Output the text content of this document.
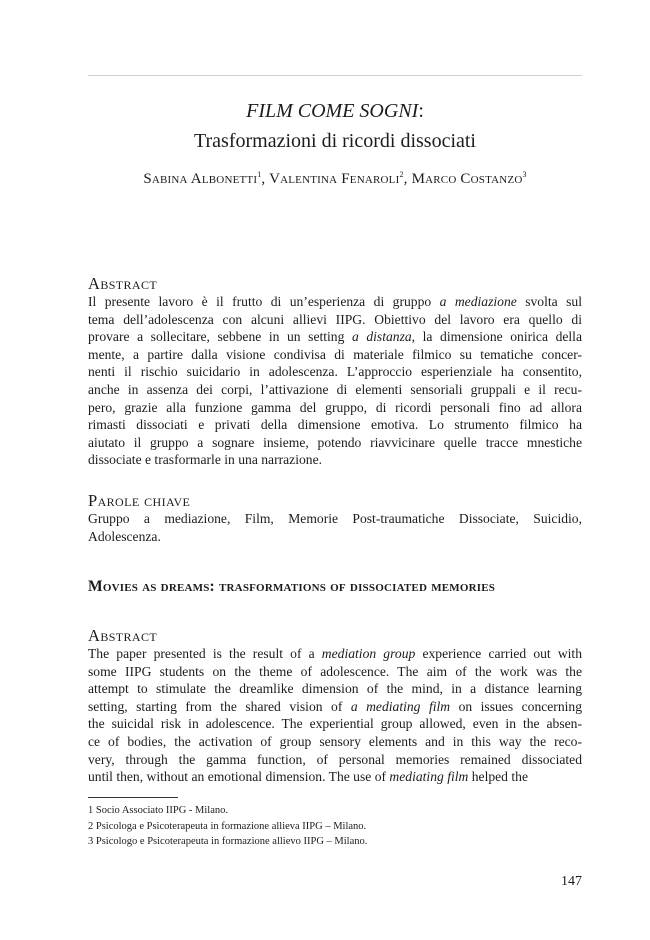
FILM COME SOGNI:
Trasformazioni di ricordi dissociati
Sabina Albonetti$^1$, Valentina Fenaroli$^2$, Marco Costanzo$^3$
Abstract
Il presente lavoro è il frutto di un’esperienza di gruppo a mediazione svolta sul
tema dell’adolescenza con alcuni allievi IIPG. Obiettivo del lavoro era quello di
provare a sollecitare, sebbene in un setting a distanza, la dimensione onirica della
mente, a partire dalla visione condivisa di materiale filmico su tematiche concer-
nenti il rischio suicidario in adolescenza. L’approccio esperienziale ha consentito,
anche in assenza dei corpi, l’attivazione di elementi sensoriali gruppali e il recu-
pero, grazie alla funzione gamma del gruppo, di ricordi personali fino ad allora
rimasti dissociati e privati della dimensione emotiva. Lo strumento filmico ha
aiutato il gruppo a sognare insieme, potendo riavvicinare quelle tracce mnestiche
dissociate e trasformarle in una narrazione.
Parole chiave
Gruppo a mediazione, Film, Memorie Post-traumatiche Dissociate, Suicidio,
Adolescenza.
Movies as dreams: trasformations of dissociated memories
Abstract
The paper presented is the result of a mediation group experience carried out with
some IIPG students on the theme of adolescence. The aim of the work was the
attempt to stimulate the dreamlike dimension of the mind, in a distance learning
setting, starting from the shared vision of a mediating film on issues concerning
the suicidal risk in adolescence. The experiential group allowed, even in the absen-
ce of bodies, the activation of group sensory elements and in this way the reco-
very, through the gamma function, of personal memories remained dissociated
until then, without an emotional dimension. The use of mediating film helped the
1 Socio Associato IIPG - Milano.
2 Psicologa e Psicoterapeuta in formazione allieva IIPG – Milano.
3 Psicologo e Psicoterapeuta in formazione allievo IIPG – Milano.
147
